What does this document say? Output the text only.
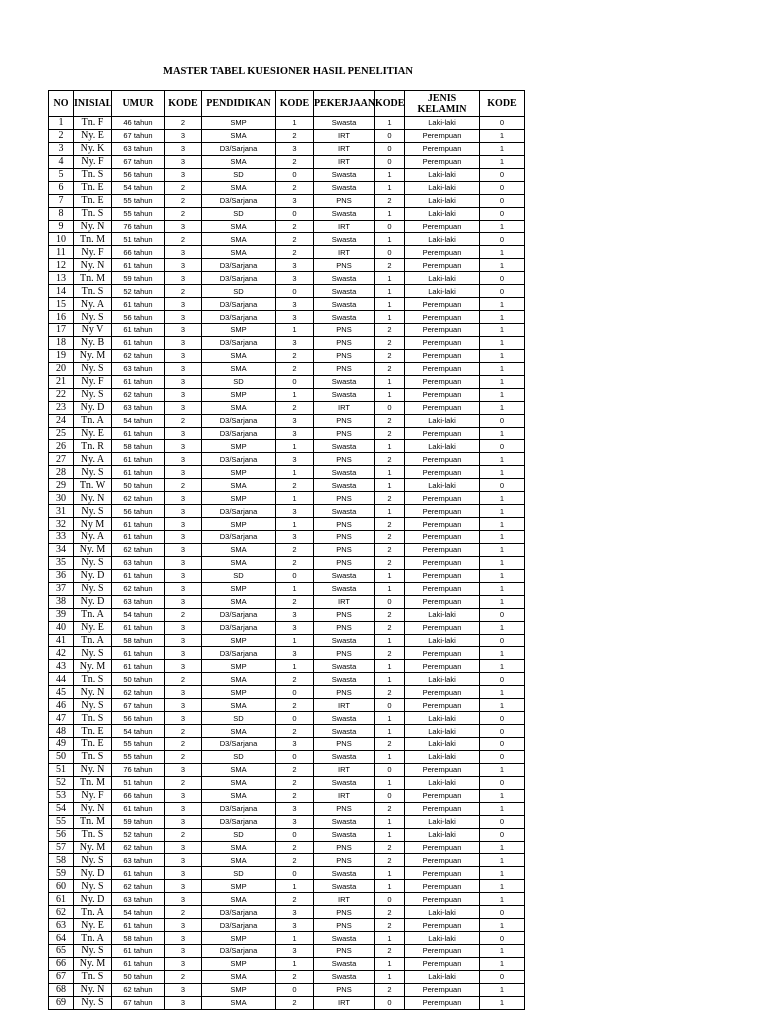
MASTER TABEL KUESIONER HASIL PENELITIAN
NO	INISIAL	UMUR	KODE	PENDIDIKAN	KODE	PEKERJAAN	KODE	JENIS KELAMIN	KODE
1	Tn. F	46 tahun	2	SMP	1	Swasta	1	Laki-laki	0
2	Ny. E	67 tahun	3	SMA	2	IRT	0	Perempuan	1
3	Ny. K	63 tahun	3	D3/Sarjana	3	IRT	0	Perempuan	1
4	Ny. F	67 tahun	3	SMA	2	IRT	0	Perempuan	1
5	Tn. S	56 tahun	3	SD	0	Swasta	1	Laki-laki	0
6	Tn. E	54 tahun	2	SMA	2	Swasta	1	Laki-laki	0
7	Tn. E	55 tahun	2	D3/Sarjana	3	PNS	2	Laki-laki	0
8	Tn. S	55 tahun	2	SD	0	Swasta	1	Laki-laki	0
9	Ny. N	76 tahun	3	SMA	2	IRT	0	Perempuan	1
10	Tn. M	51 tahun	2	SMA	2	Swasta	1	Laki-laki	0
11	Ny. F	66 tahun	3	SMA	2	IRT	0	Perempuan	1
12	Ny. N	61 tahun	3	D3/Sarjana	3	PNS	2	Perempuan	1
13	Tn. M	59 tahun	3	D3/Sarjana	3	Swasta	1	Laki-laki	0
14	Tn. S	52 tahun	2	SD	0	Swasta	1	Laki-laki	0
15	Ny. A	61 tahun	3	D3/Sarjana	3	Swasta	1	Perempuan	1
16	Ny. S	56 tahun	3	D3/Sarjana	3	Swasta	1	Perempuan	1
17	Ny V	61 tahun	3	SMP	1	PNS	2	Perempuan	1
18	Ny. B	61 tahun	3	D3/Sarjana	3	PNS	2	Perempuan	1
19	Ny. M	62 tahun	3	SMA	2	PNS	2	Perempuan	1
20	Ny. S	63 tahun	3	SMA	2	PNS	2	Perempuan	1
21	Ny. F	61 tahun	3	SD	0	Swasta	1	Perempuan	1
22	Ny. S	62 tahun	3	SMP	1	Swasta	1	Perempuan	1
23	Ny. D	63 tahun	3	SMA	2	IRT	0	Perempuan	1
24	Tn. A	54 tahun	2	D3/Sarjana	3	PNS	2	Laki-laki	0
25	Ny. E	61 tahun	3	D3/Sarjana	3	PNS	2	Perempuan	1
26	Tn. R	58 tahun	3	SMP	1	Swasta	1	Laki-laki	0
27	Ny. A	61 tahun	3	D3/Sarjana	3	PNS	2	Perempuan	1
28	Ny. S	61 tahun	3	SMP	1	Swasta	1	Perempuan	1
29	Tn. W	50 tahun	2	SMA	2	Swasta	1	Laki-laki	0
30	Ny. N	62 tahun	3	SMP	1	PNS	2	Perempuan	1
31	Ny. S	56 tahun	3	D3/Sarjana	3	Swasta	1	Perempuan	1
32	Ny M	61 tahun	3	SMP	1	PNS	2	Perempuan	1
33	Ny. A	61 tahun	3	D3/Sarjana	3	PNS	2	Perempuan	1
34	Ny. M	62 tahun	3	SMA	2	PNS	2	Perempuan	1
35	Ny. S	63 tahun	3	SMA	2	PNS	2	Perempuan	1
36	Ny. D	61 tahun	3	SD	0	Swasta	1	Perempuan	1
37	Ny. S	62 tahun	3	SMP	1	Swasta	1	Perempuan	1
38	Ny. D	63 tahun	3	SMA	2	IRT	0	Perempuan	1
39	Tn. A	54 tahun	2	D3/Sarjana	3	PNS	2	Laki-laki	0
40	Ny. E	61 tahun	3	D3/Sarjana	3	PNS	2	Perempuan	1
41	Tn. A	58 tahun	3	SMP	1	Swasta	1	Laki-laki	0
42	Ny. S	61 tahun	3	D3/Sarjana	3	PNS	2	Perempuan	1
43	Ny. M	61 tahun	3	SMP	1	Swasta	1	Perempuan	1
44	Tn. S	50 tahun	2	SMA	2	Swasta	1	Laki-laki	0
45	Ny. N	62 tahun	3	SMP	0	PNS	2	Perempuan	1
46	Ny. S	67 tahun	3	SMA	2	IRT	0	Perempuan	1
47	Tn. S	56 tahun	3	SD	0	Swasta	1	Laki-laki	0
48	Tn. E	54 tahun	2	SMA	2	Swasta	1	Laki-laki	0
49	Tn. E	55 tahun	2	D3/Sarjana	3	PNS	2	Laki-laki	0
50	Tn. S	55 tahun	2	SD	0	Swasta	1	Laki-laki	0
51	Ny. N	76 tahun	3	SMA	2	IRT	0	Perempuan	1
52	Tn. M	51 tahun	2	SMA	2	Swasta	1	Laki-laki	0
53	Ny. F	66 tahun	3	SMA	2	IRT	0	Perempuan	1
54	Ny. N	61 tahun	3	D3/Sarjana	3	PNS	2	Perempuan	1
55	Tn. M	59 tahun	3	D3/Sarjana	3	Swasta	1	Laki-laki	0
56	Tn. S	52 tahun	2	SD	0	Swasta	1	Laki-laki	0
57	Ny. M	62 tahun	3	SMA	2	PNS	2	Perempuan	1
58	Ny. S	63 tahun	3	SMA	2	PNS	2	Perempuan	1
59	Ny. D	61 tahun	3	SD	0	Swasta	1	Perempuan	1
60	Ny. S	62 tahun	3	SMP	1	Swasta	1	Perempuan	1
61	Ny. D	63 tahun	3	SMA	2	IRT	0	Perempuan	1
62	Tn. A	54 tahun	2	D3/Sarjana	3	PNS	2	Laki-laki	0
63	Ny. E	61 tahun	3	D3/Sarjana	3	PNS	2	Perempuan	1
64	Tn. A	58 tahun	3	SMP	1	Swasta	1	Laki-laki	0
65	Ny. S	61 tahun	3	D3/Sarjana	3	PNS	2	Perempuan	1
66	Ny. M	61 tahun	3	SMP	1	Swasta	1	Perempuan	1
67	Tn. S	50 tahun	2	SMA	2	Swasta	1	Laki-laki	0
68	Ny. N	62 tahun	3	SMP	0	PNS	2	Perempuan	1
69	Ny. S	67 tahun	3	SMA	2	IRT	0	Perempuan	1
